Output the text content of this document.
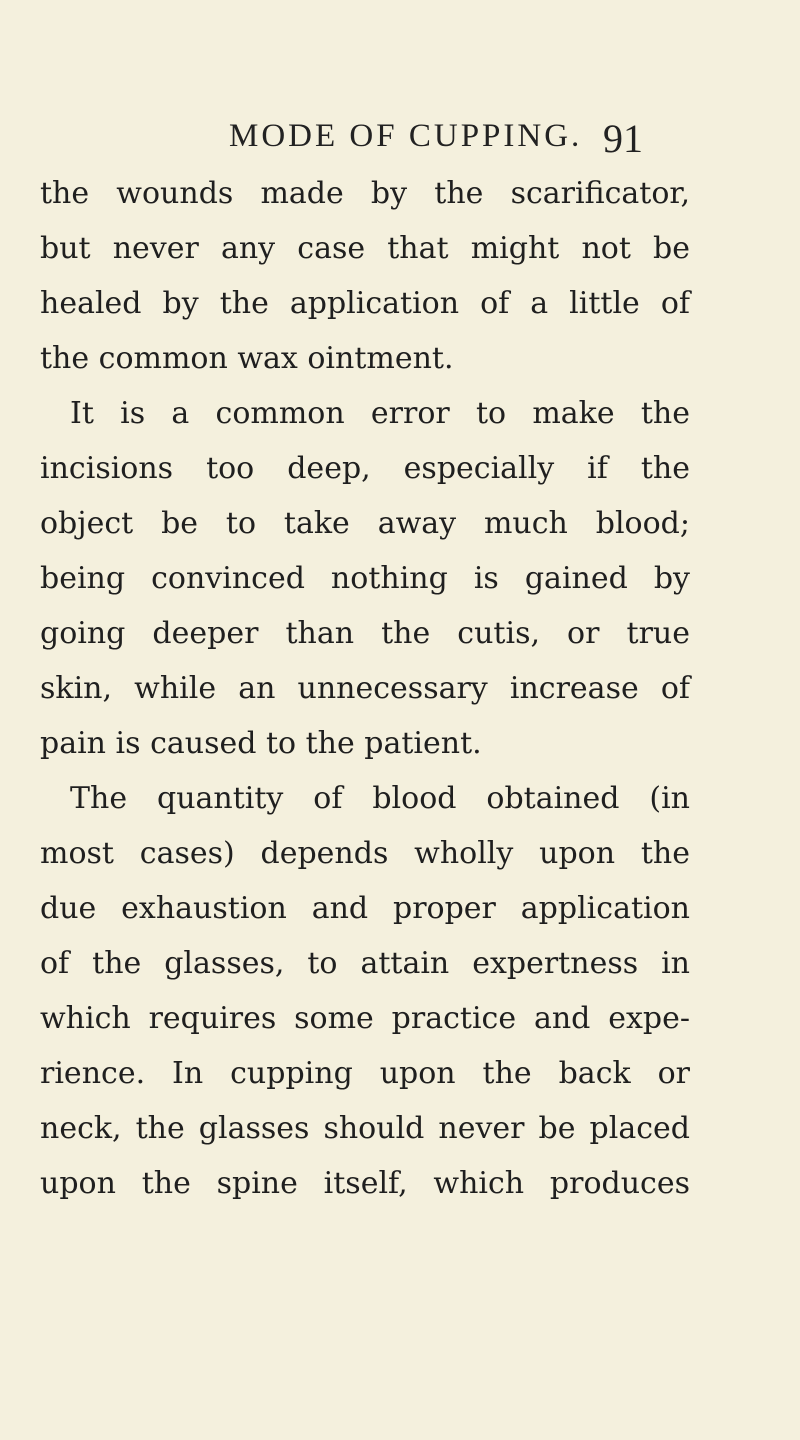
MODE OF CUPPING. 91
the wounds made by the scarificator,
but never any case that might not be
healed by the application of a little of
the common wax ointment.
It is a common error to make the
incisions too deep, especially if the
object be to take away much blood;
being convinced nothing is gained by
going deeper than the cutis, or true
skin, while an unnecessary increase of
pain is caused to the patient.
The quantity of blood obtained (in
most cases) depends wholly upon the
due exhaustion and proper application
of the glasses, to attain expertness in
which requires some practice and expe-
rience. In cupping upon the back or
neck, the glasses should never be placed
upon the spine itself, which produces
